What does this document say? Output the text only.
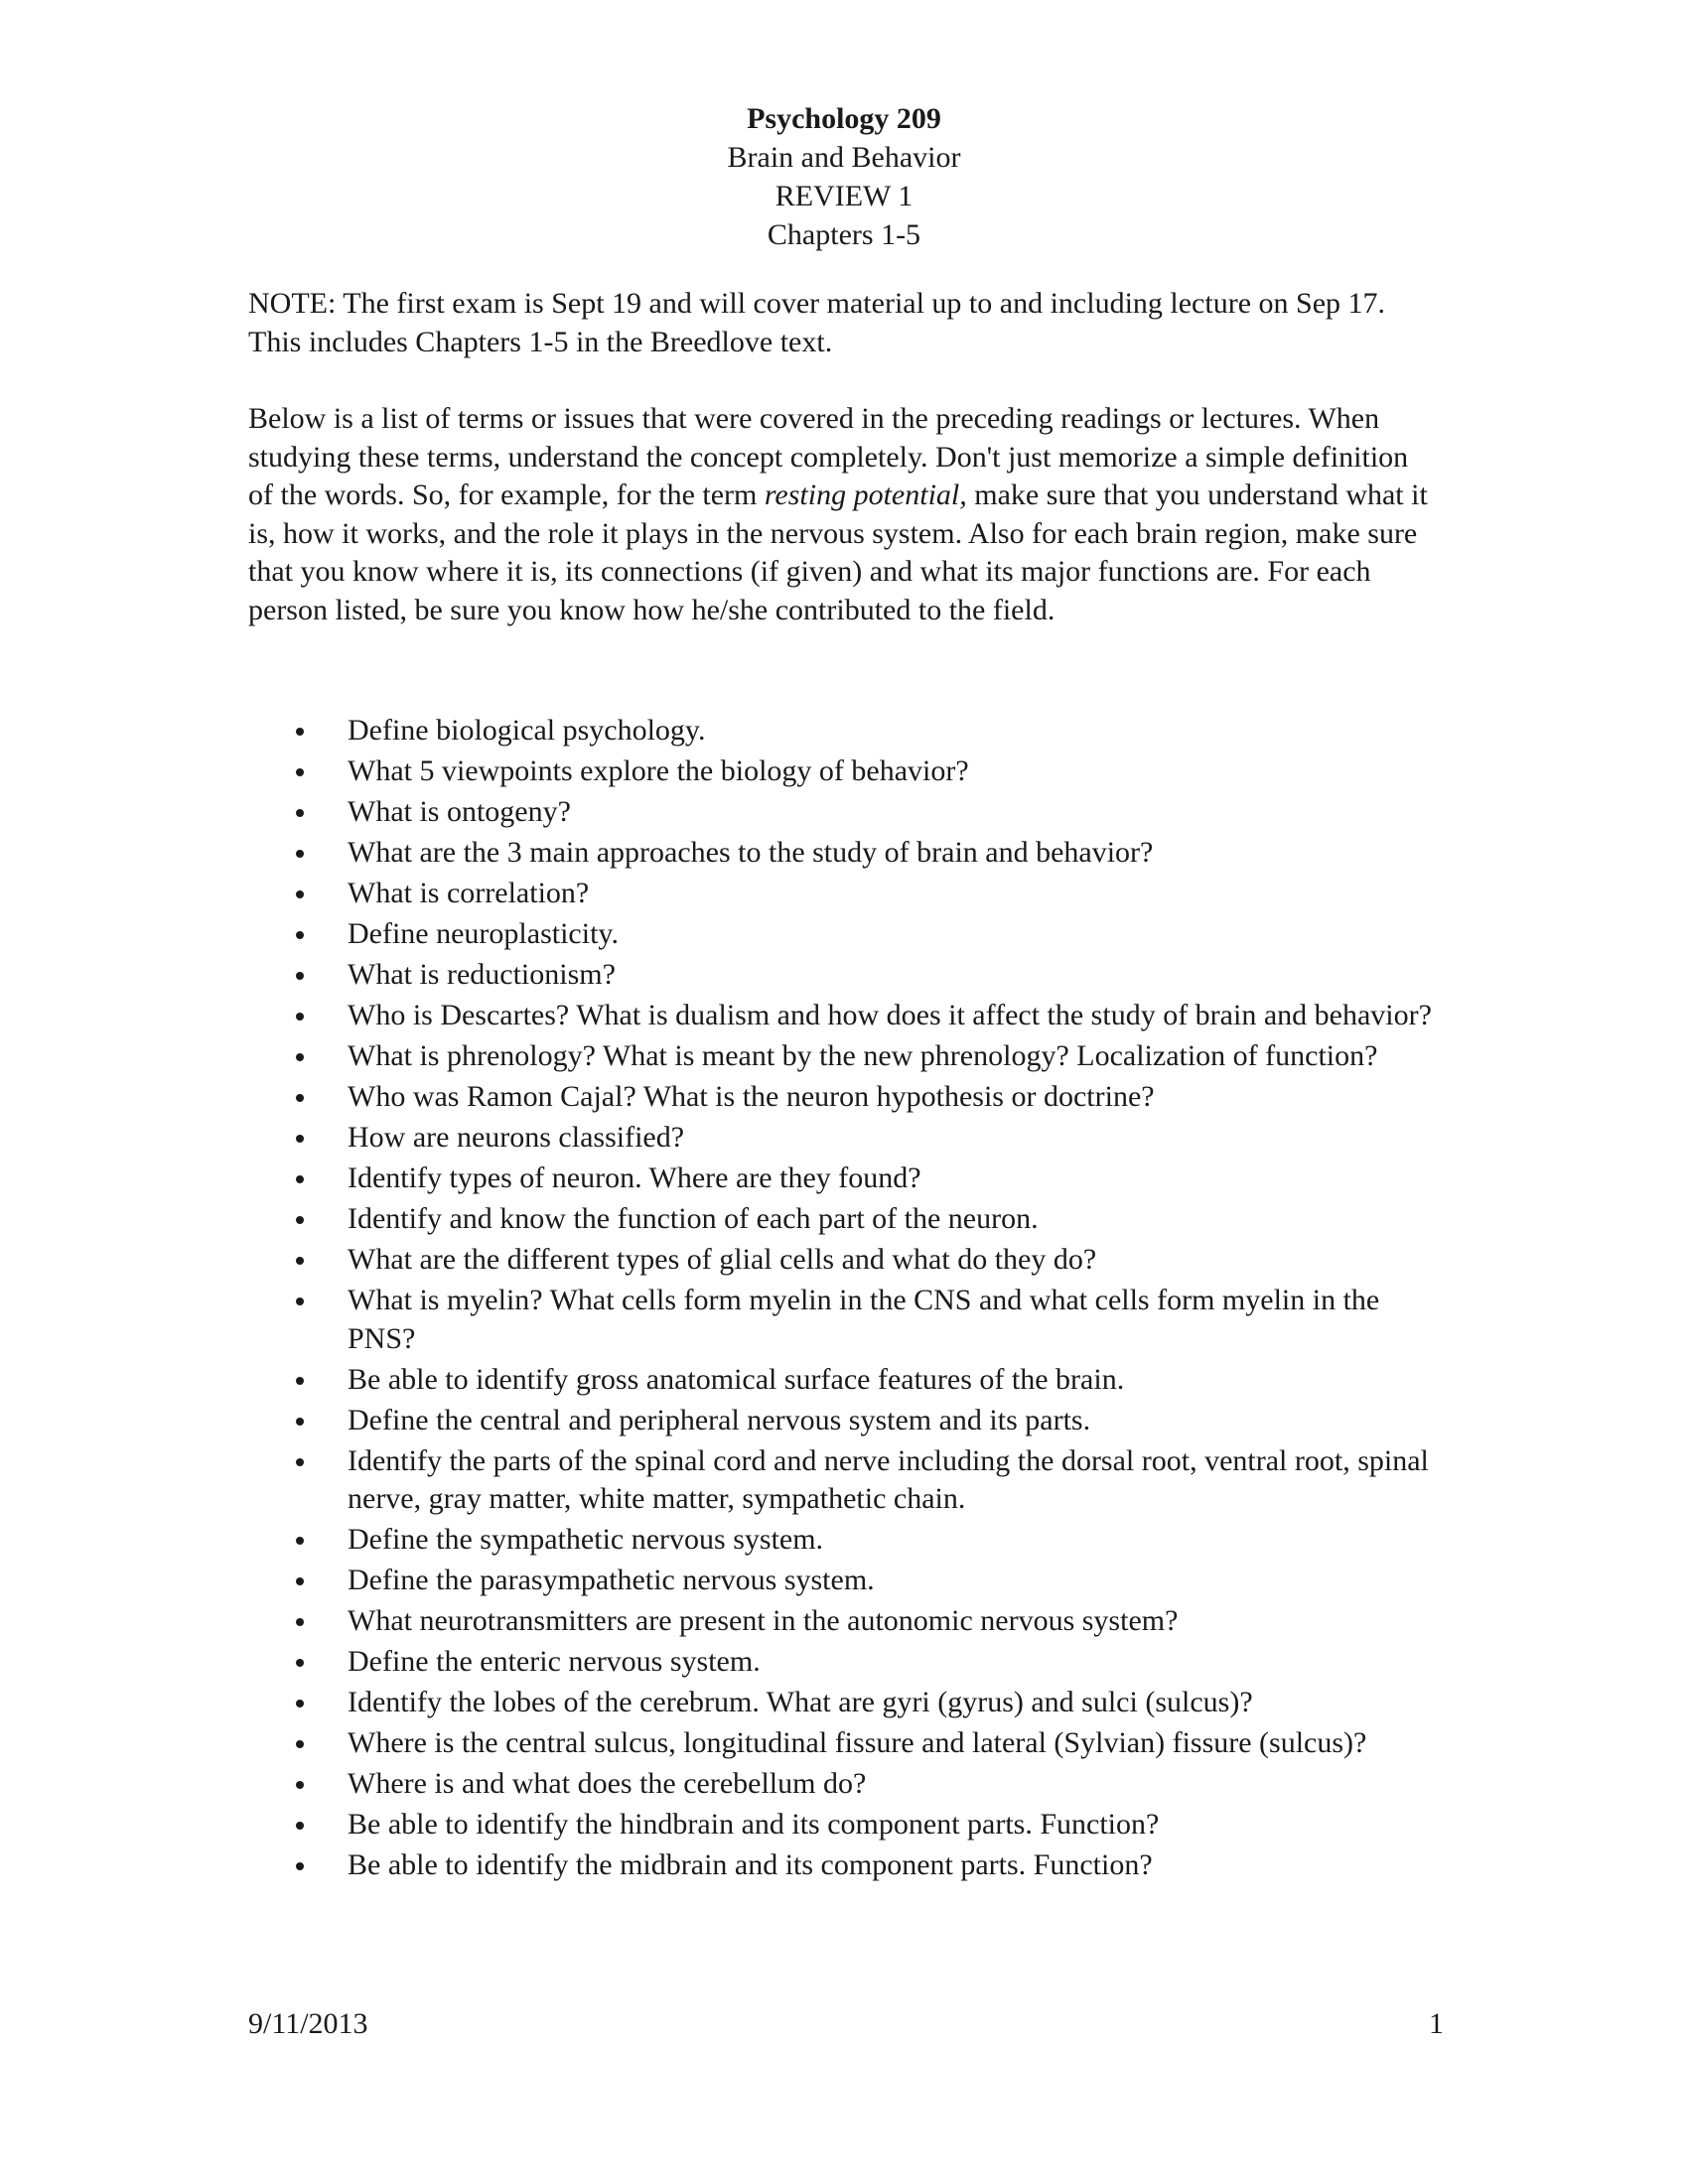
Psychology 209
Brain and Behavior
REVIEW 1
Chapters 1-5
NOTE: The first exam is Sept 19 and will cover material up to and including lecture on Sep 17. This includes Chapters 1-5 in the Breedlove text.
Below is a list of terms or issues that were covered in the preceding readings or lectures. When studying these terms, understand the concept completely. Don't just memorize a simple definition of the words. So, for example, for the term resting potential, make sure that you understand what it is, how it works, and the role it plays in the nervous system. Also for each brain region, make sure that you know where it is, its connections (if given) and what its major functions are. For each person listed, be sure you know how he/she contributed to the field.
Define biological psychology.
What 5 viewpoints explore the biology of behavior?
What is ontogeny?
What are the 3 main approaches to the study of brain and behavior?
What is correlation?
Define neuroplasticity.
What is reductionism?
Who is Descartes? What is dualism and how does it affect the study of brain and behavior?
What is phrenology? What is meant by the new phrenology? Localization of function?
Who was Ramon Cajal? What is the neuron hypothesis or doctrine?
How are neurons classified?
Identify types of neuron. Where are they found?
Identify and know the function of each part of the neuron.
What are the different types of glial cells and what do they do?
What is myelin? What cells form myelin in the CNS and what cells form myelin in the PNS?
Be able to identify gross anatomical surface features of the brain.
Define the central and peripheral nervous system and its parts.
Identify the parts of the spinal cord and nerve including the dorsal root, ventral root, spinal nerve, gray matter, white matter, sympathetic chain.
Define the sympathetic nervous system.
Define the parasympathetic nervous system.
What neurotransmitters are present in the autonomic nervous system?
Define the enteric nervous system.
Identify the lobes of the cerebrum. What are gyri (gyrus) and sulci (sulcus)?
Where is the central sulcus, longitudinal fissure and lateral (Sylvian) fissure (sulcus)?
Where is and what does the cerebellum do?
Be able to identify the hindbrain and its component parts. Function?
Be able to identify the midbrain and its component parts. Function?
9/11/2013	1
